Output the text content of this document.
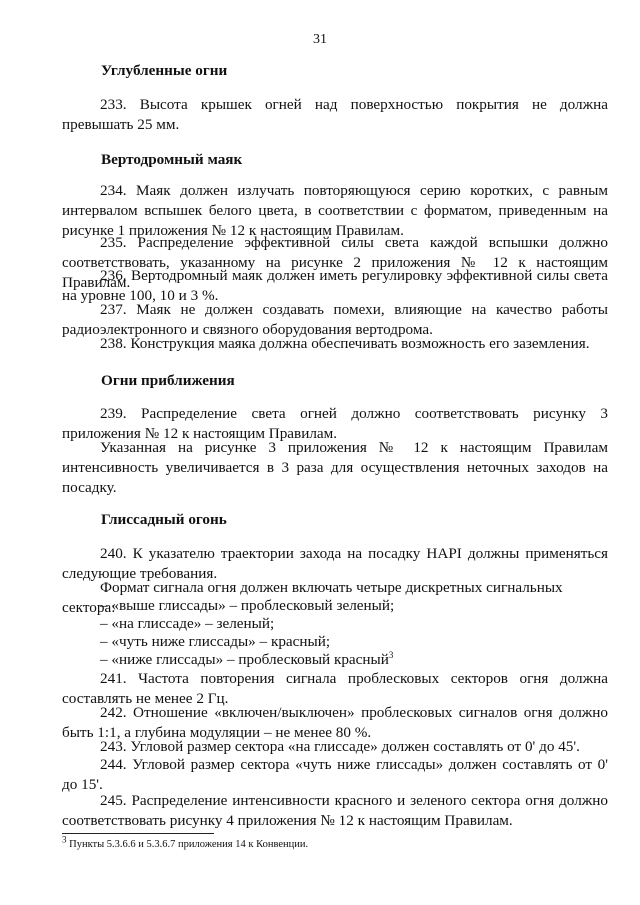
31
Углубленные огни
233. Высота крышек огней над поверхностью покрытия не должна превышать 25 мм.
Вертодромный маяк
234. Маяк должен излучать повторяющуюся серию коротких, с равным интервалом вспышек белого цвета, в соответствии с форматом, приведенным на рисунке 1 приложения № 12 к настоящим Правилам.
235. Распределение эффективной силы света каждой вспышки должно соответствовать, указанному на рисунке 2 приложения № 12 к настоящим Правилам.
236. Вертодромный маяк должен иметь регулировку эффективной силы света на уровне 100, 10 и 3 %.
237. Маяк не должен создавать помехи, влияющие на качество работы радиоэлектронного и связного оборудования вертодрома.
238. Конструкция маяка должна обеспечивать возможность его заземления.
Огни приближения
239. Распределение света огней должно соответствовать рисунку 3 приложения № 12 к настоящим Правилам.
Указанная на рисунке 3 приложения № 12 к настоящим Правилам интенсивность увеличивается в 3 раза для осуществления неточных заходов на посадку.
Глиссадный огонь
240. К указателю траектории захода на посадку HAPI должны применяться следующие требования.
Формат сигнала огня должен включать четыре дискретных сигнальных сектора:
– «выше глиссады» – проблесковый зеленый;
– «на глиссаде» – зеленый;
– «чуть ниже глиссады» – красный;
– «ниже глиссады» – проблесковый красный$^3$
241. Частота повторения сигнала проблесковых секторов огня должна составлять не менее 2 Гц.
242. Отношение «включен/выключен» проблесковых сигналов огня должно быть 1:1, а глубина модуляции – не менее 80 %.
243. Угловой размер сектора «на глиссаде» должен составлять от 0' до 45'.
244. Угловой размер сектора «чуть ниже глиссады» должен составлять от 0' до 15'.
245. Распределение интенсивности красного и зеленого сектора огня должно соответствовать рисунку 4 приложения № 12 к настоящим Правилам.
$^3$ Пункты 5.3.6.6 и 5.3.6.7 приложения 14 к Конвенции.
